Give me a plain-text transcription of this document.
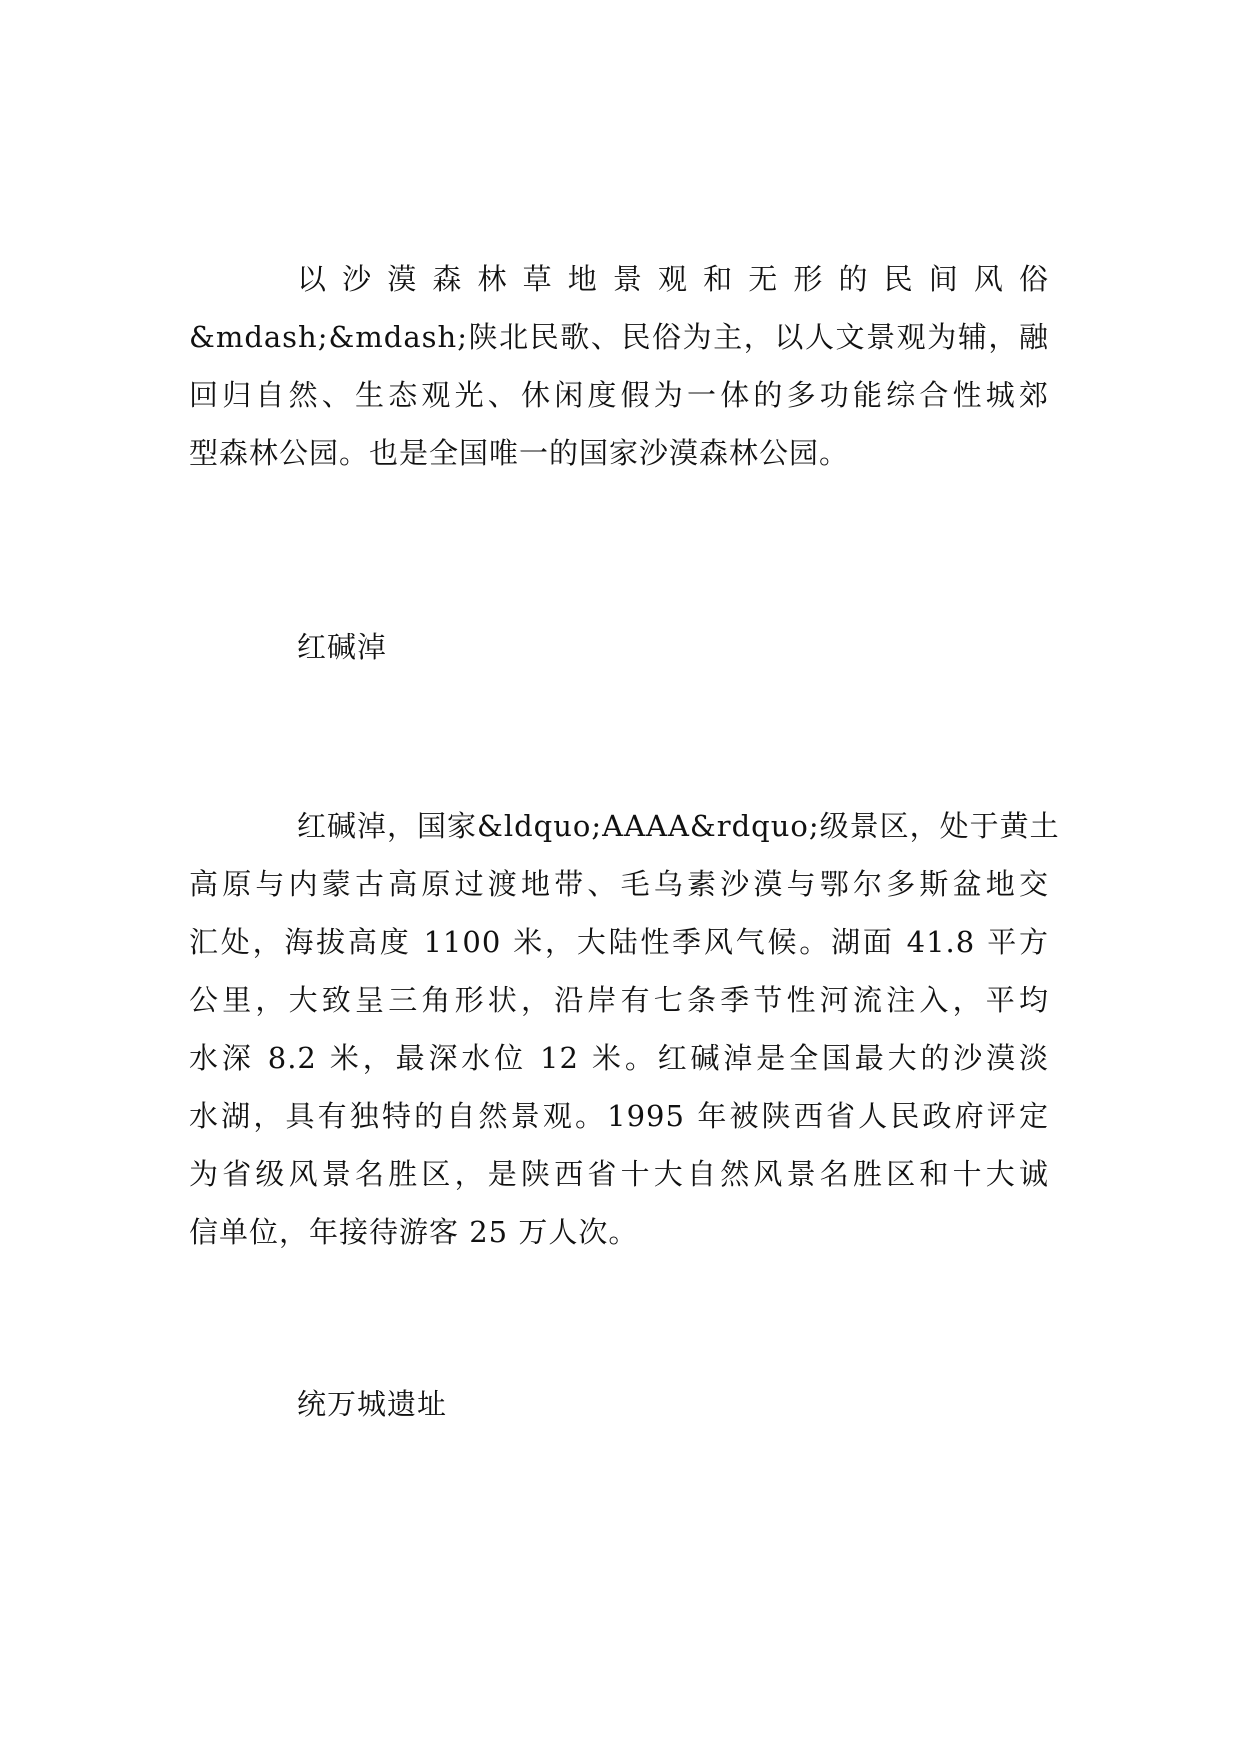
以沙漠森林草地景观和无形的民间风俗
&mdash;&mdash;陕北民歌、民俗为主，以人文景观为辅，融
回归自然、生态观光、休闲度假为一体的多功能综合性城郊
型森林公园。也是全国唯一的国家沙漠森林公园。
红碱淖
红碱淖，国家&ldquo;AAAA&rdquo;级景区，处于黄土
高原与内蒙古高原过渡地带、毛乌素沙漠与鄂尔多斯盆地交
汇处，海拔高度 1100 米，大陆性季风气候。湖面 41.8 平方
公里，大致呈三角形状，沿岸有七条季节性河流注入，平均
水深 8.2 米，最深水位 12 米。红碱淖是全国最大的沙漠淡
水湖，具有独特的自然景观。1995 年被陕西省人民政府评定
为省级风景名胜区，是陕西省十大自然风景名胜区和十大诚
信单位，年接待游客 25 万人次。
统万城遗址
